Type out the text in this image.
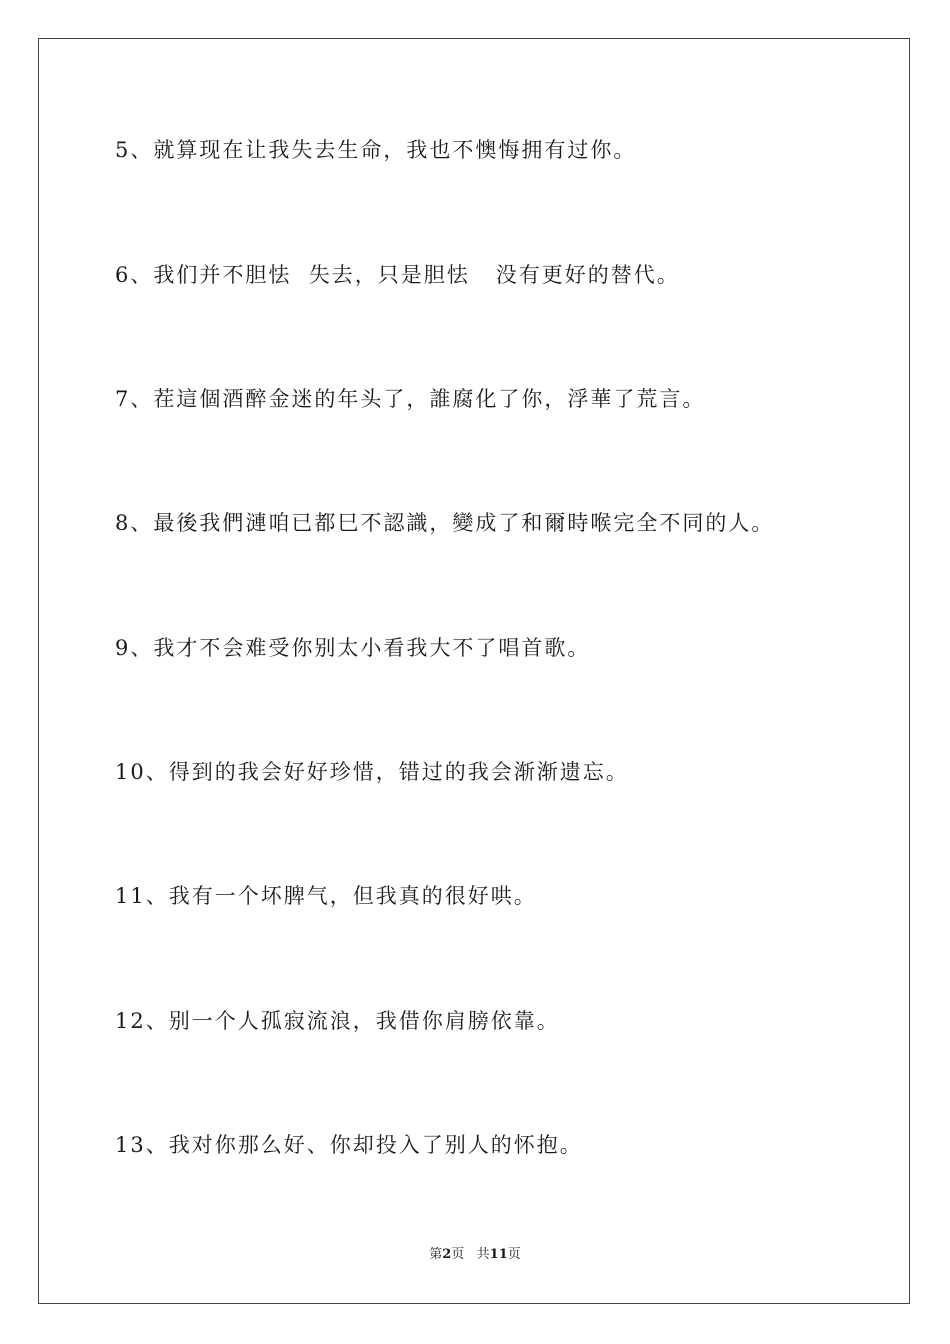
5、就算现在让我失去生命，我也不懊悔拥有过你。
6、我们并不胆怯  失去，只是胆怯   没有更好的替代。
7、茬這個酒醉金迷的年头了，誰腐化了你，浮華了荒言。
8、最後我們漣咱已都巳不認識，變成了和爾時喉完全不同的人。
9、我才不会难受你别太小看我大不了唱首歌。
10、得到的我会好好珍惜，错过的我会渐渐遗忘。
11、我有一个坏脾气，但我真的很好哄。
12、别一个人孤寂流浪，我借你肩膀依靠。
13、我对你那么好、你却投入了别人的怀抱。
第2页   共11页
